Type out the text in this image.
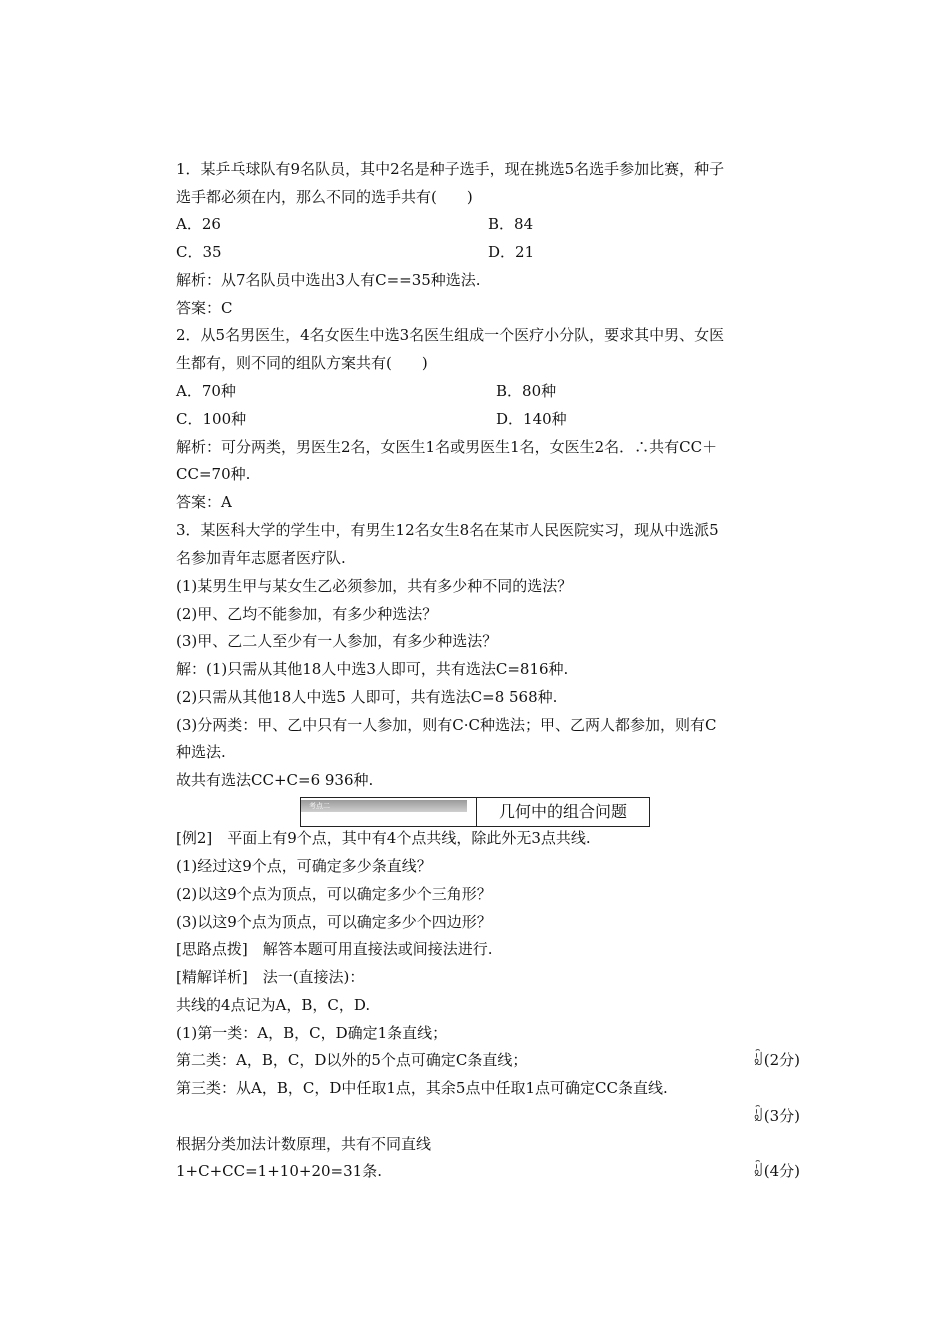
1．某乒乓球队有9名队员，其中2名是种子选手，现在挑选5名选手参加比赛，种子
选手都必须在内，那么不同的选手共有(　　)
A．26	B．84
C．35	D．21
解析：从7名队员中选出3人有C==35种选法.
答案：C
2．从5名男医生，4名女医生中选3名医生组成一个医疗小分队，要求其中男、女医
生都有，则不同的组队方案共有(　　)
A．70种	B．80种
C．100种	D．140种
解析：可分两类，男医生2名，女医生1名或男医生1名，女医生2名．∴共有CC＋
CC=70种.
答案：A
3．某医科大学的学生中，有男生12名女生8名在某市人民医院实习，现从中选派5
名参加青年志愿者医疗队.
(1)某男生甲与某女生乙必须参加，共有多少种不同的选法？
(2)甲、乙均不能参加，有多少种选法？
(3)甲、乙二人至少有一人参加，有多少种选法？
解：(1)只需从其他18人中选3人即可，共有选法C=816种.
(2)只需从其他18人中选5 人即可，共有选法C=8 568种.
(3)分两类：甲、乙中只有一人参加，则有C·C种选法；甲、乙两人都参加，则有C
种选法.
故共有选法CC+C=6 936种.
考点二	几何中的组合问题
[例2]　平面上有9个点，其中有4个点共线，除此外无3点共线.
(1)经过这9个点，可确定多少条直线？
(2)以这9个点为顶点，可以确定多少个三角形？
(3)以这9个点为顶点，可以确定多少个四边形？
[思路点拨]　解答本题可用直接法或间接法进行.
[精解详析]　法一(直接法)：
共线的4点记为A，B，C，D.
(1)第一类：A，B，C，D确定1条直线；
第二类：A，B，C，D以外的5个点可确定C条直线；	ꆼ(2分)
第三类：从A，B，C，D中任取1点，其余5点中任取1点可确定CC条直线.
ꆼ(3分)
根据分类加法计数原理，共有不同直线
1+C+CC=1+10+20=31条.	ꆼ(4分)
